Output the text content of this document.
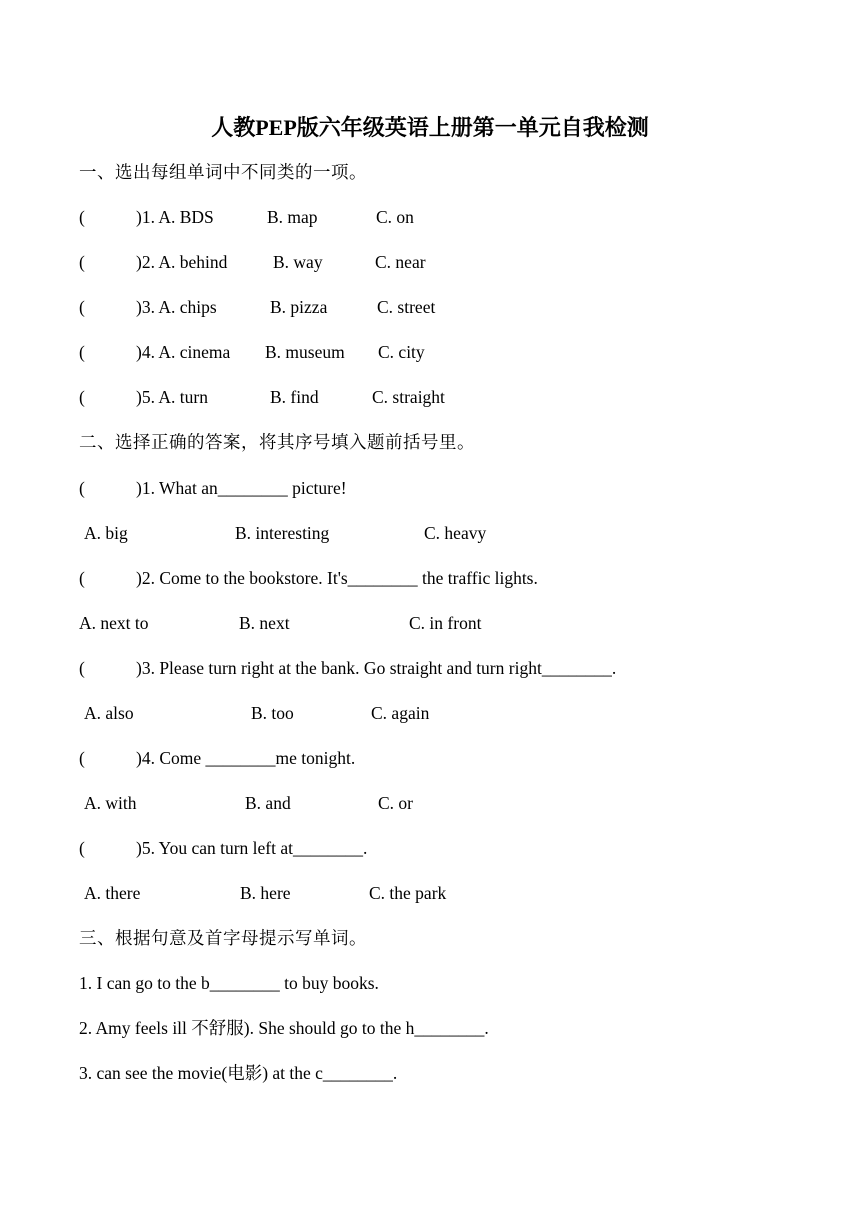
人教PEP版六年级英语上册第一单元自我检测
一、选出每组单词中不同类的一项。

(

	)1. A. BDS

	B. map

	C. on

(

	)2. A. behind

	B. way

	C. near

(

	)3. A. chips

	B. pizza

	C. street

(

	)4. A. cinema

B. museum

C. city

(

	)5. A. turn

	B. find

	C. straight

二、选择正确的答案，将其序号填入题前括号里。

(

	)1. What an________ picture!

A. big

	B. interesting

	C. heavy

(

	)2. Come to the bookstore. It's________ the traffic lights.

A. next to

	B. next

	C. in front

(

	)3. Please turn right at the bank. Go straight and turn right________.

A. also

	B. too

	C. again

(

	)4. Come ________me tonight.

A. with

	B. and

	C. or

(

	)5. You can turn left at________.

A. there

	B. here

	C. the park

三、根据句意及首字母提示写单词。
1. I can go to the b________ to buy books.
2. Amy feels ill 不舒服). She should go to the h________.
3. can see the movie(电影) at the c________.
